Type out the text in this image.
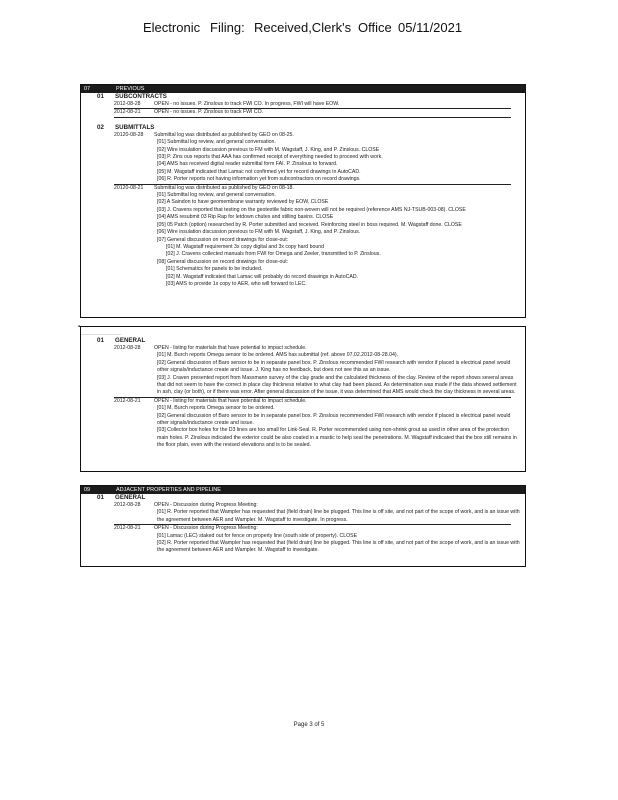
Electronic Filing: Received,Clerk's Office 05/11/2021
07	PREVIOUS
01 SUBCONTRACTS
2012-08-28	OPEN - no issues. P. Zinslous to track FWI CO. In progress, FWI will have EOW.
2012-08-21	OPEN - no issues. P. Zinslous to track FWI CO.
02 SUBMITTALS
20120-08-28 Submittal log was distributed as published by GEO on 08-25.
[01] Submittal log review, and general conversation.
[02] Wire insulation discussion previous to FM with M. Wagstaff, J. King, and P. Zinslous. CLOSE
[03] P. Zins ous reports that AAA has confirmed receipt of everything needed to proceed with work.
[04] AMS has received digital reader submittal form FAI. P. Zinslous to forward.
[05] M. Wagstaff indicated that Lamac not confirmed yet for record drawings in AutoCAD.
[06] R. Porter reports not having information yet from subcontractors on record drawings.
20120-08-21 Submittal log was distributed as published by GEO on 08-18.
[01] Submittal log review, and general conversation.
[02] A Saindon to have geomembrane warranty reviewed by EOW. CLOSE
[03] J. Cravens reported that testing on the geotextile fabric non-woven will not be required (reference AMS NJ-TSUB-003-08). CLOSE
[04] AMS resubmit 03 Rip Rap for letdown chutes and stilling basins. CLOSE
[05] 05 Patch (option) researched by R. Porter submitted and received. Reinforcing steel in boss required. M. Wagstaff done. CLOSE
[06] Wire insulation discussion previous to FM with M. Wagstaff, J. King, and P. Zinslous.
[07] General discussion on record drawings for close-out:
[01] M. Wagstaff requirement 3x copy digital and 3x copy hard bound
[02] J. Cravens collected manuals from FWI for Omega and Zeeler, transmitted to P. Zinslous.
[08] General discussion on record drawings for close-out:
[01] Schematics for panels to be included.
[02] M. Wagstaff indicated that Lamac will probably do record drawings in AutoCAD.
[03] AMS to provide 1x copy to AER, who will forward to LEC.
▪
01 GENERAL
2012-08-28	OPEN - listing for materials that have potential to impact schedule.
[01] M. Burch reports Omega sensor to be ordered. AMS has submittal (ref. above 07.02.2012-08-28.04).
[02] General discussion of Baro sensor to be in separate panel box. P. Zinslous recommended FWI research with vendor if placed is electrical panel would other signals/inductance create and issue. J. King has no feedback, but does not see this as an issue.
[03] J. Craven presented report from Massmann survey of the clay grade and the calculated thickness of the clay. Review of the report shows several areas that did not seem to have the correct in place clay thickness relative to what clay had been placed. As determination was made if the data showed settlement in ash, clay (or both), or if there was error. After general discussion of the issue, it was determined that AMS would check the clay thickness in several areas.
2012-08-21	OPEN - listing for materials that have potential to impact schedule.
[01] M. Burch reports Omega sensor to be ordered.
[02] General discussion of Baro sensor to be in separate panel box. P. Zinslous recommended FWI research with vendor if placed is electrical panel would other signals/inductance create and issue.
[03] Collector box holes for the D3 lines are too small for Link-Seal. R. Porter recommended using non-shrink grout as used in other area of the protection main holes. P. Zinslous indicated the exterior could be also coated in a mastic to help seal the penetrations. M. Wagstaff indicated that the box still remains in the floor plain, even with the revised elevations and is to be sealed.
09	ADJACENT PROPERTIES AND PIPELINE
01 GENERAL
2012-08-28	OPEN - Discussion during Progress Meeting:
[01] R. Porter reported that Wampler has requested that (field drain) line be plugged. This line is off site, and not part of the scope of work, and is an issue with the agreement between AER and Wampler. M. Wagstaff to investigate. In progress.
2012-08-21	OPEN - Discussion during Progress Meeting:
[01] Lamac (LEC) staked out for fence on property line (south side of property). CLOSE
[02] R. Porter reported that Wampler has requested that (field drain) line be plugged. This line is off site, and not part of the scope of work, and is an issue with the agreement between AER and Wampler. M. Wagstaff to investigate.
Page 3 of 5
